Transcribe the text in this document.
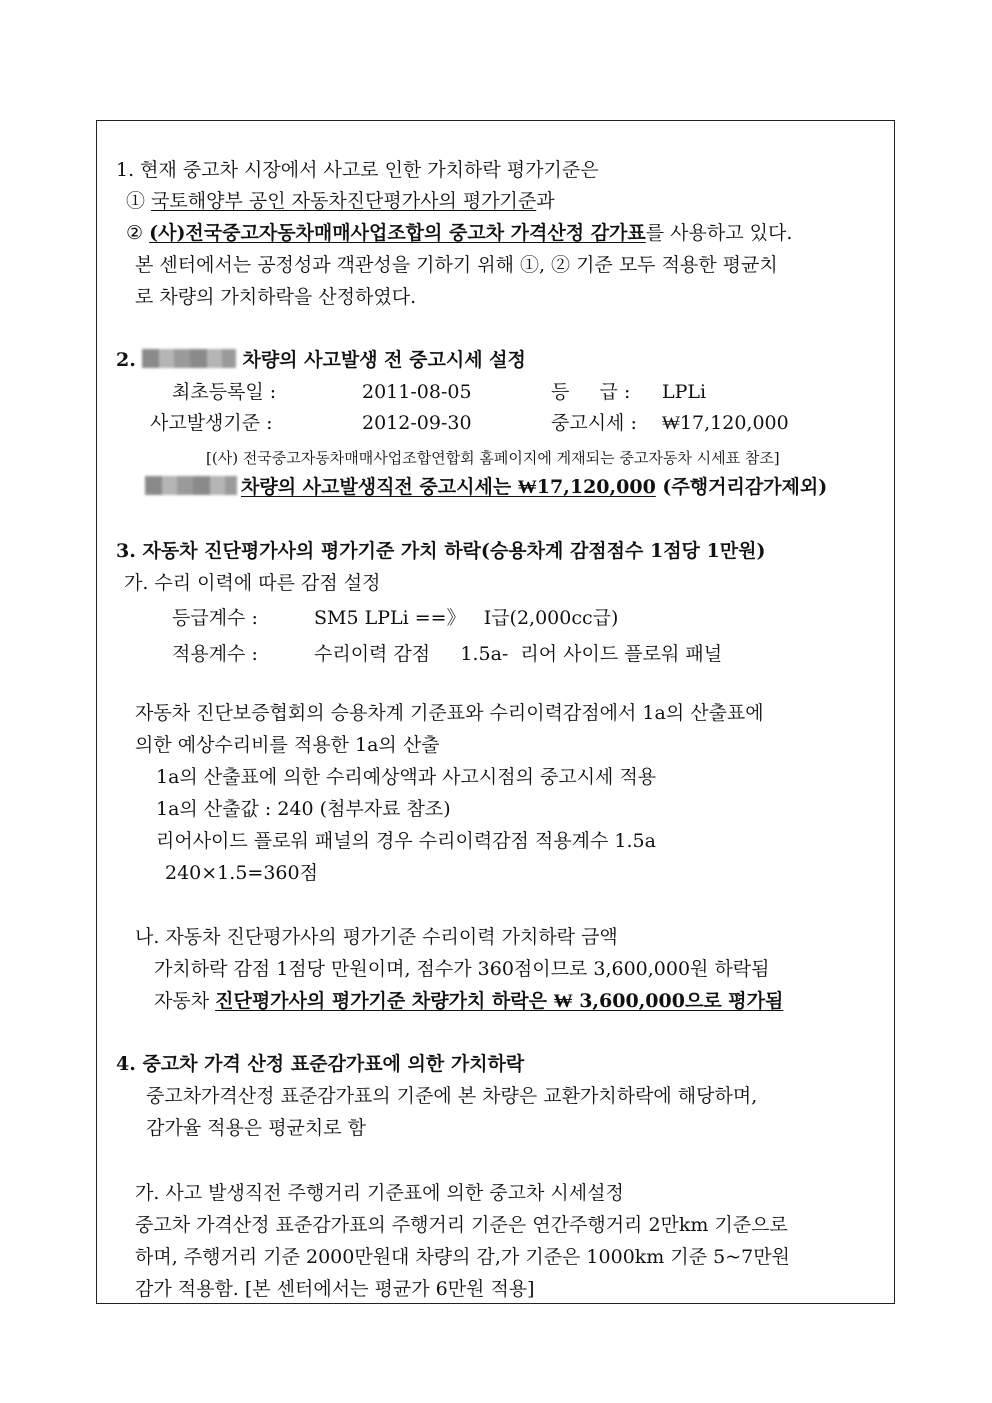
1. 현재 중고차 시장에서 사고로 인한 가치하락 평가기준은
① 국토해양부 공인 자동차진단평가사의 평가기준과
② (사)전국중고자동차매매사업조합의 중고차 가격산정 감가표를 사용하고 있다.
본 센터에서는 공정성과 객관성을 기하기 위해 ①, ② 기준 모두 적용한 평균치
로 차량의 가치하락을 산정하였다.
2.	차량의 사고발생 전 중고시세 설정
최초등록일 :	2011-08-05	등     급 : LPLi
사고발생기준 :	2012-09-30	중고시세 : ₩17,120,000
[(사) 전국중고자동차매매사업조합연합회 홈페이지에 게재되는 중고자동차 시세표 참조]
차량의 사고발생직전 중고시세는 ₩17,120,000 (주행거리감가제외)
3. 자동차 진단평가사의 평가기준 가치 하락(승용차계 감점점수 1점당 1만원)
가. 수리 이력에 따른 감점 설정
등급계수 :	SM5 LPLi ==》   Ⅰ급(2,000cc급)
적용계수 :	수리이력 감점     1.5a-  리어 사이드 플로워 패널
자동차 진단보증협회의 승용차계 기준표와 수리이력감점에서 1a의 산출표에
의한 예상수리비를 적용한 1a의 산출
1a의 산출표에 의한 수리예상액과 사고시점의 중고시세 적용
1a의 산출값 : 240 (첨부자료 참조)
리어사이드 플로워 패널의 경우 수리이력감점 적용계수 1.5a
240×1.5=360점
나. 자동차 진단평가사의 평가기준 수리이력 가치하락 금액
가치하락 감점 1점당 만원이며, 점수가 360점이므로 3,600,000원 하락됨
자동차 진단평가사의 평가기준 차량가치 하락은 ₩ 3,600,000으로 평가됨
4. 중고차 가격 산정 표준감가표에 의한 가치하락
중고차가격산정 표준감가표의 기준에 본 차량은 교환가치하락에 해당하며,
감가율 적용은 평균치로 함
가. 사고 발생직전 주행거리 기준표에 의한 중고차 시세설정
중고차 가격산정 표준감가표의 주행거리 기준은 연간주행거리 2만km 기준으로
하며, 주행거리 기준 2000만원대 차량의 감,가 기준은 1000km 기준 5~7만원
감가 적용함. [본 센터에서는 평균가 6만원 적용]
